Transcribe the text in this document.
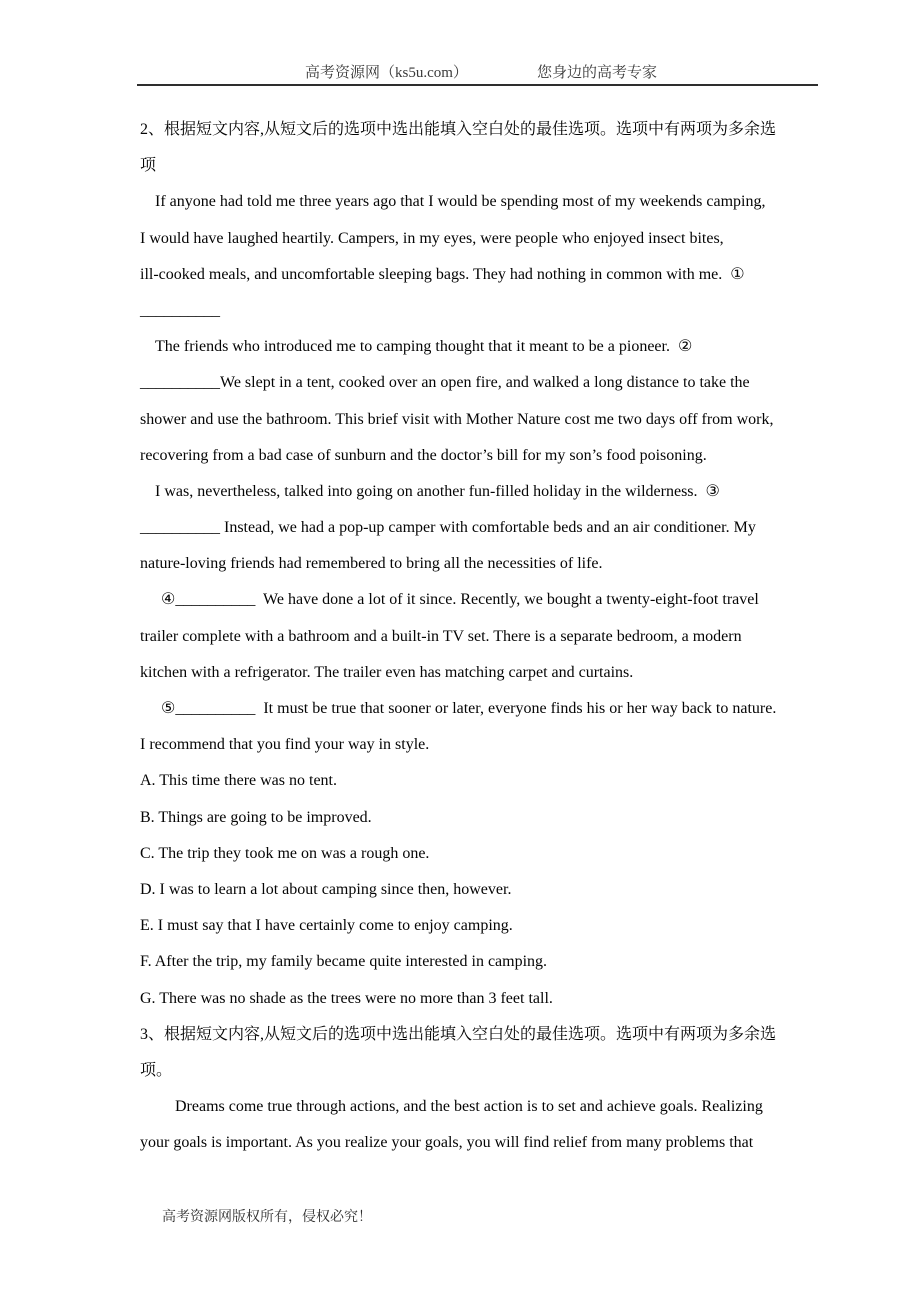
高考资源网（ks5u.com）	您身边的高考专家
2、根据短文内容,从短文后的选项中选出能填入空白处的最佳选项。选项中有两项为多余选
项
If anyone had told me three years ago that I would be spending most of my weekends camping,
I would have laughed heartily. Campers, in my eyes, were people who enjoyed insect bites,
ill-cooked meals, and uncomfortable sleeping bags. They had nothing in common with me.  ①
__________
The friends who introduced me to camping thought that it meant to be a pioneer.  ②
__________We slept in a tent, cooked over an open fire, and walked a long distance to take the
shower and use the bathroom. This brief visit with Mother Nature cost me two days off from work,
recovering from a bad case of sunburn and the doctor’s bill for my son’s food poisoning.
I was, nevertheless, talked into going on another fun-filled holiday in the wilderness.  ③
__________ Instead, we had a pop-up camper with comfortable beds and an air conditioner. My
nature-loving friends had remembered to bring all the necessities of life.
④__________  We have done a lot of it since. Recently, we bought a twenty-eight-foot travel
trailer complete with a bathroom and a built-in TV set. There is a separate bedroom, a modern
kitchen with a refrigerator. The trailer even has matching carpet and curtains.
⑤__________  It must be true that sooner or later, everyone finds his or her way back to nature.
I recommend that you find your way in style.
A. This time there was no tent.
B. Things are going to be improved.
C. The trip they took me on was a rough one.
D. I was to learn a lot about camping since then, however.
E. I must say that I have certainly come to enjoy camping.
F. After the trip, my family became quite interested in camping.
G. There was no shade as the trees were no more than 3 feet tall.
3、根据短文内容,从短文后的选项中选出能填入空白处的最佳选项。选项中有两项为多余选
项。
Dreams come true through actions, and the best action is to set and achieve goals. Realizing
your goals is important. As you realize your goals, you will find relief from many problems that
高考资源网版权所有，侵权必究！
